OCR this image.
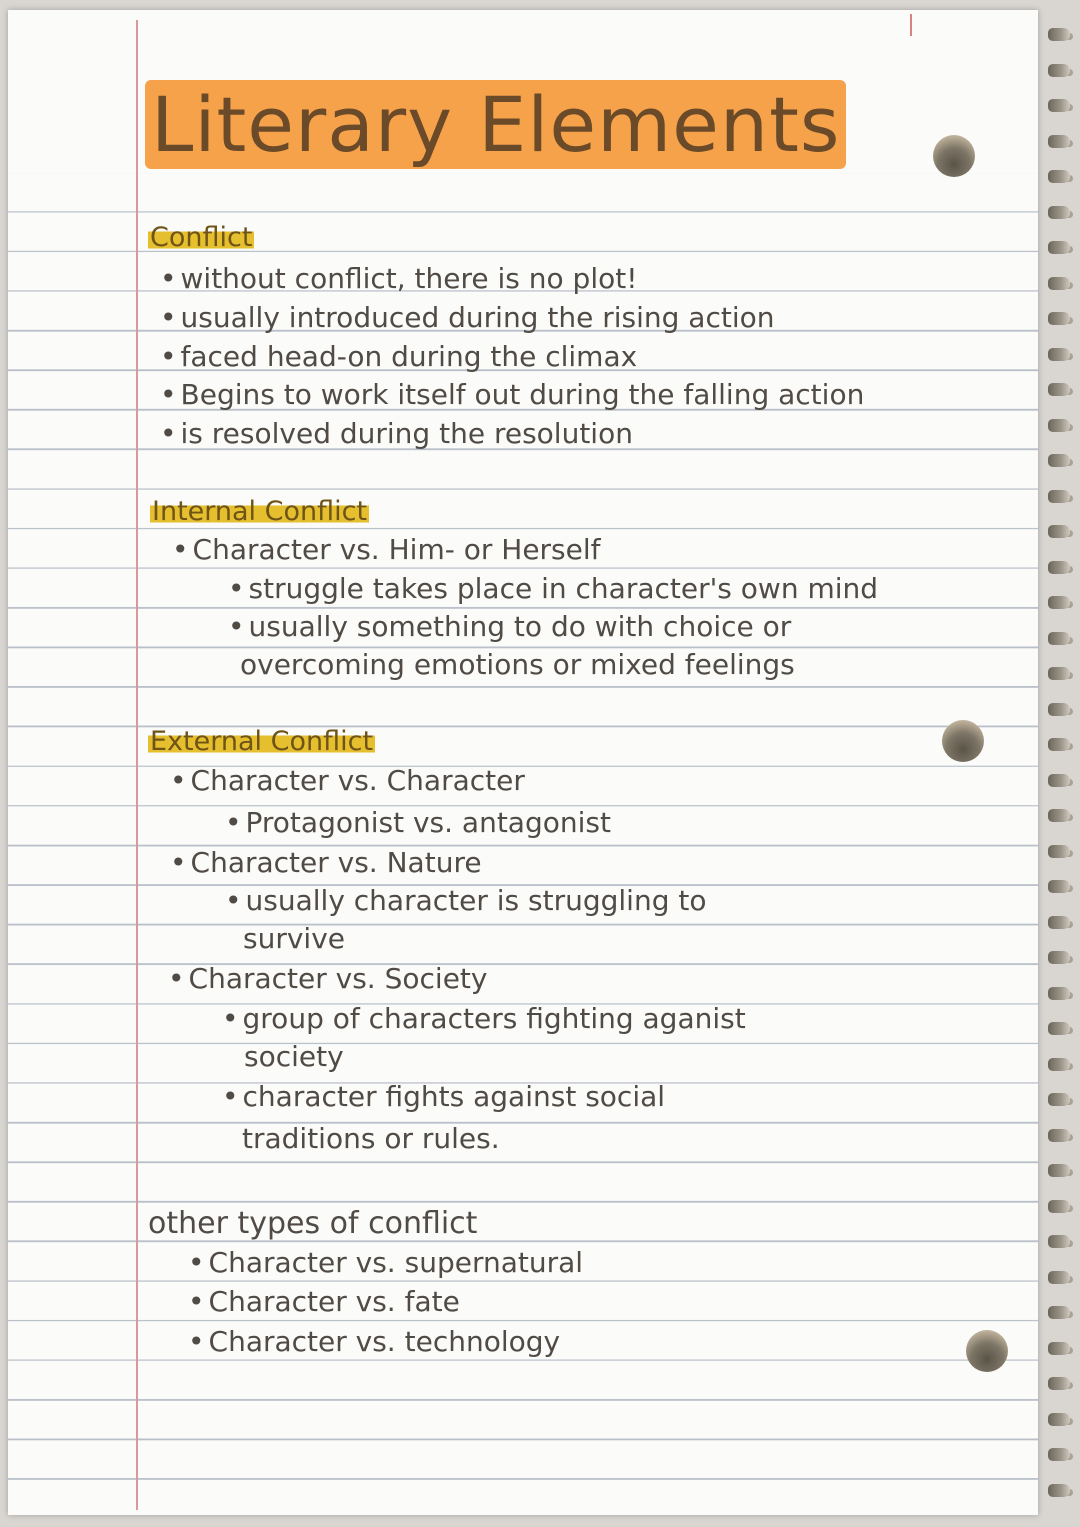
Literary Elements
Conflict
• without conflict, there is no plot!
• usually introduced during the rising action
• faced head-on during the climax
• Begins to work itself out during the falling action
• is resolved during the resolution
Internal Conflict
• Character vs. Him- or Herself
• struggle takes place in character's own mind
• usually something to do with choice or
overcoming emotions or mixed feelings
External Conflict
• Character vs. Character
• Protagonist vs. antagonist
• Character vs. Nature
• usually character is struggling to
survive
• Character vs. Society
• group of characters fighting aganist
society
• character fights against social
traditions or rules.
other types of conflict
• Character vs. supernatural
• Character vs. fate
• Character vs. technology
